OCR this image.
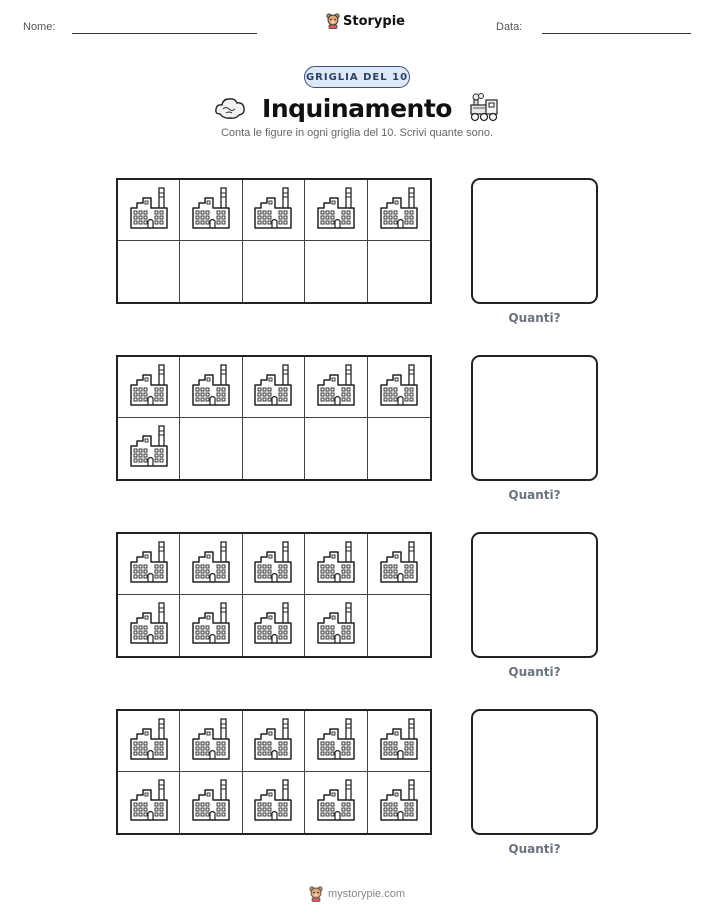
Nome:	Storypie	Data:
GRIGLIA DEL 10
Inquinamento
Conta le figure in ogni griglia del 10. Scrivi quante sono.
Quanti?
Quanti?
Quanti?
Quanti?
mystorypie.com
